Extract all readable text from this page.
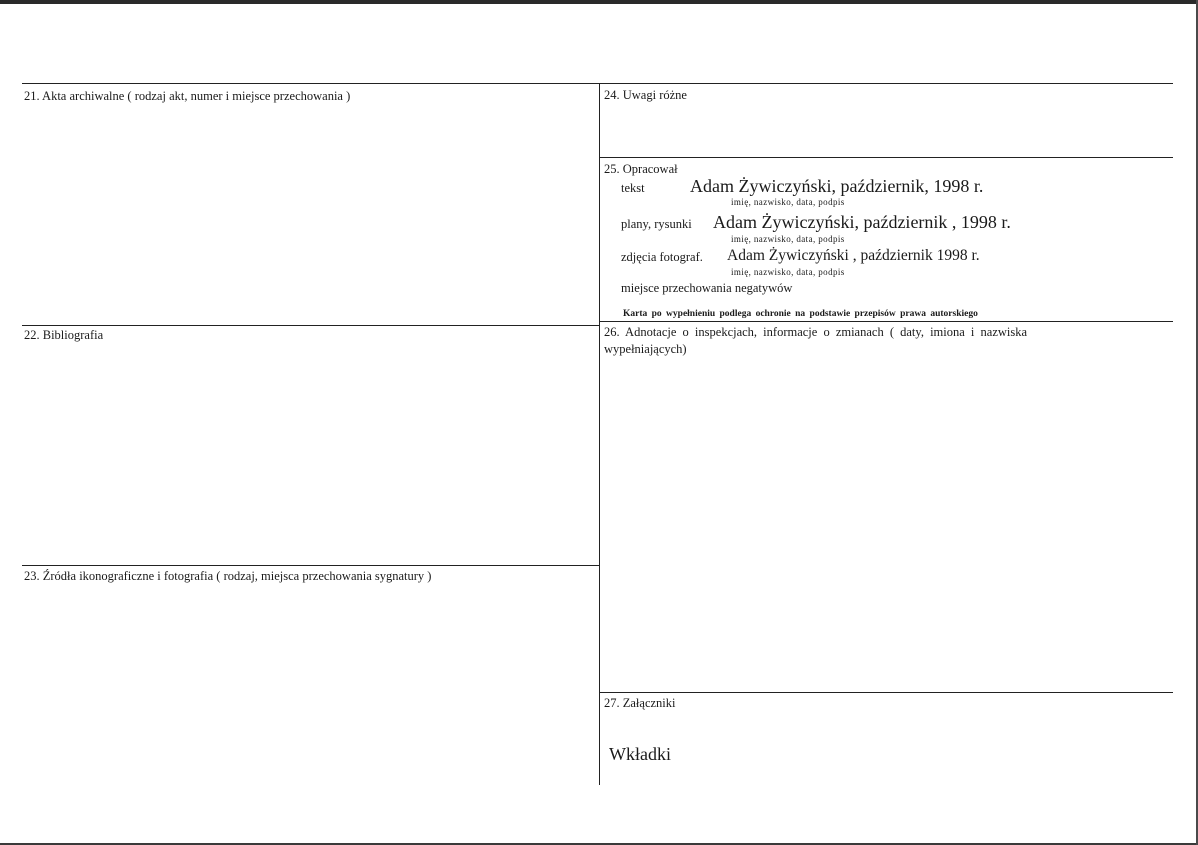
21. Akta archiwalne ( rodzaj akt, numer i miejsce przechowania )
22. Bibliografia
23. Źródła ikonograficzne i fotografia ( rodzaj, miejsca przechowania sygnatury )
24. Uwagi różne
25. Opracował
tekst	Adam Żywiczyński, październik, 1998 r.
imię, nazwisko, data, podpis
plany, rysunki Adam Żywiczyński, październik , 1998 r.
imię, nazwisko, data, podpis
zdjęcia fotograf. Adam Żywiczyński , październik 1998 r.
imię, nazwisko, data, podpis
miejsce przechowania negatywów
Karta po wypełnieniu podlega ochronie na podstawie przepisów prawa autorskiego
26. Adnotacje o inspekcjach, informacje o zmianach ( daty, imiona i nazwiska wypełniających)
27. Załączniki
Wkładki
